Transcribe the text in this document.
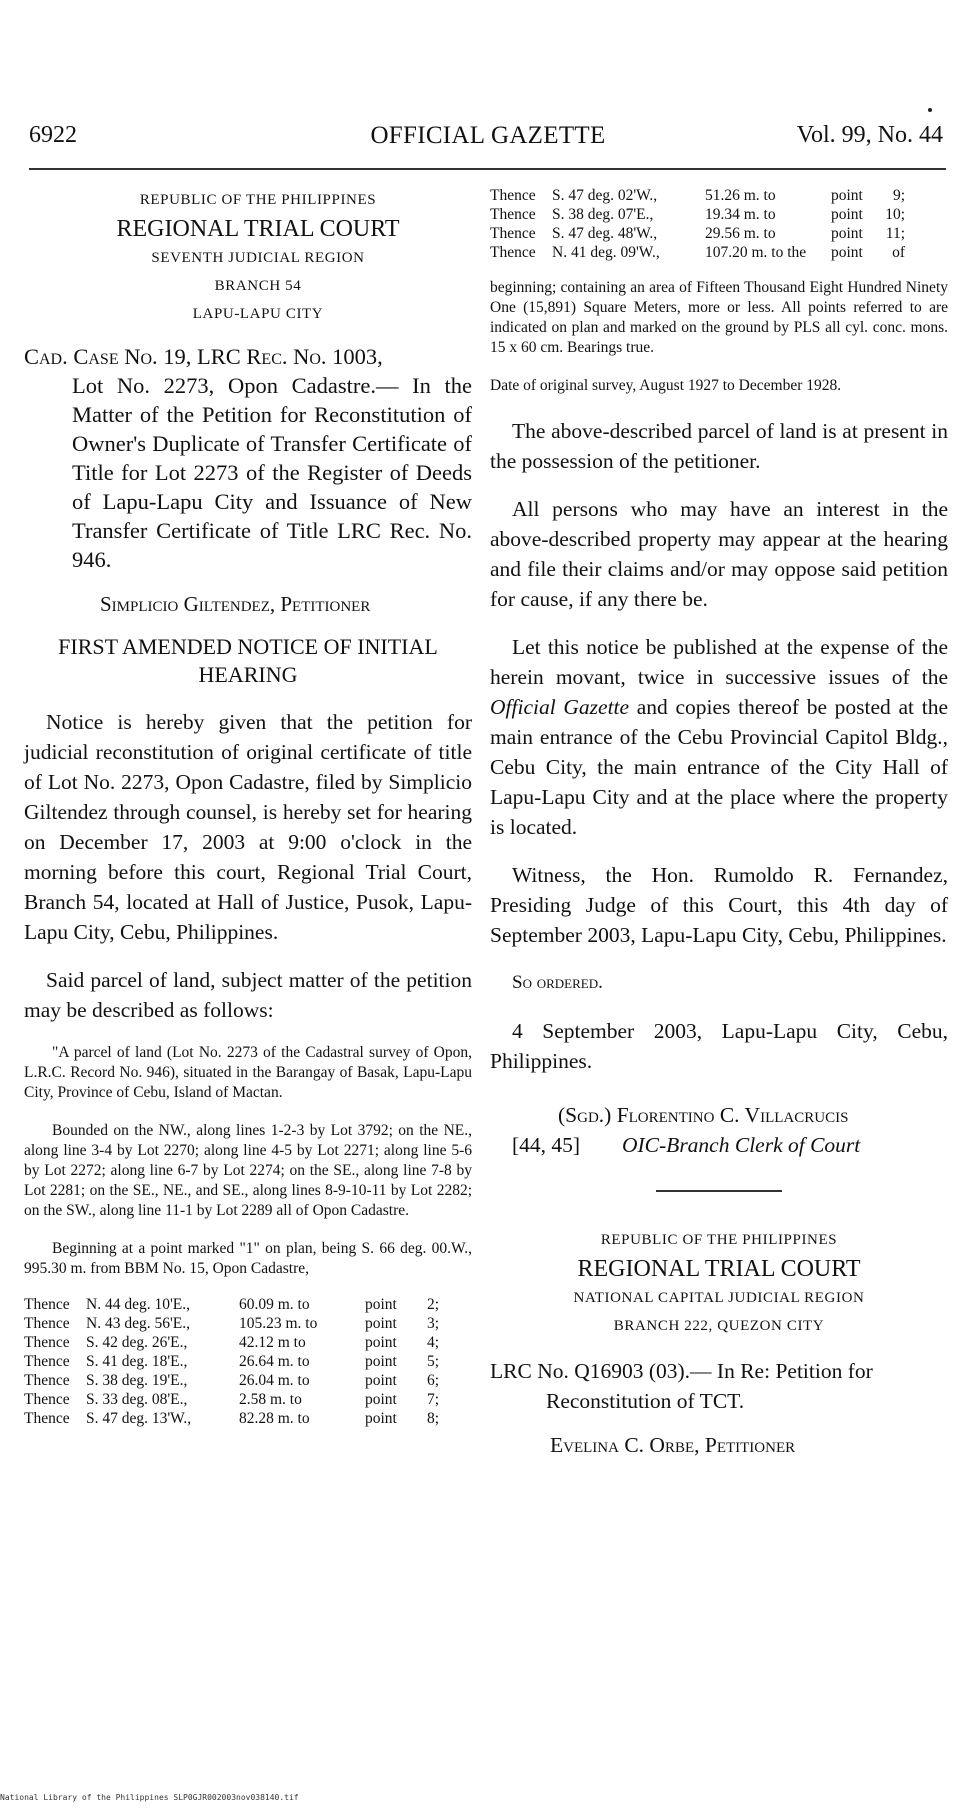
6922	OFFICIAL GAZETTE	Vol. 99, No. 44
REPUBLIC OF THE PHILIPPINES
REGIONAL TRIAL COURT
SEVENTH JUDICIAL REGION
BRANCH 54
LAPU-LAPU CITY
Cad. Case No. 19, LRC Rec. No. 1003,
Lot No. 2273, Opon Cadastre.— In the Matter of the Petition for Reconstitution of Owner's Duplicate of Transfer Certificate of Title for Lot 2273 of the Register of Deeds of Lapu-Lapu City and Issuance of New Transfer Certificate of Title LRC Rec. No. 946.
Simplicio Giltendez, Petitioner
FIRST AMENDED NOTICE OF INITIAL HEARING

Notice is hereby given that the petition for judicial reconstitution of original certificate of title of Lot No. 2273, Opon Cadastre, filed by Simplicio Giltendez through counsel, is hereby set for hearing on December 17, 2003 at 9:00 o'clock in the morning before this court, Regional Trial Court, Branch 54, located at Hall of Justice, Pusok, Lapu-Lapu City, Cebu, Philippines.

Said parcel of land, subject matter of the petition may be described as follows:

"A parcel of land (Lot No. 2273 of the Cadastral survey of Opon, L.R.C. Record No. 946), situated in the Barangay of Basak, Lapu-Lapu City, Province of Cebu, Island of Mactan.

Bounded on the NW., along lines 1-2-3 by Lot 3792; on the NE., along line 3-4 by Lot 2270; along line 4-5 by Lot 2271; along line 5-6 by Lot 2272; along line 6-7 by Lot 2274; on the SE., along line 7-8 by Lot 2281; on the SE., NE., and SE., along lines 8-9-10-11 by Lot 2282; on the SW., along line 11-1 by Lot 2289 all of Opon Cadastre.

Beginning at a point marked "1" on plan, being S. 66 deg. 00.W., 995.30 m. from BBM No. 15, Opon Cadastre,

Thence	N. 44 deg. 10'E.,	60.09 m. to	point	2;
Thence	N. 43 deg. 56'E.,	105.23 m. to	point	3;
Thence	S. 42 deg. 26'E.,	42.12 m to	point	4;
Thence	S. 41 deg. 18'E.,	26.64 m. to	point	5;
Thence	S. 38 deg. 19'E.,	26.04 m. to	point	6;
Thence	S. 33 deg. 08'E.,	2.58 m. to	point	7;
Thence	S. 47 deg. 13'W.,	82.28 m. to	point	8;
Thence	S. 47 deg. 02'W.,	51.26 m. to	point	9;
Thence	S. 38 deg. 07'E.,	19.34 m. to	point	10;
Thence	S. 47 deg. 48'W.,	29.56 m. to	point	11;
Thence	N. 41 deg. 09'W.,	107.20 m. to the	point	of

beginning; containing an area of Fifteen Thousand Eight Hundred Ninety One (15,891) Square Meters, more or less. All points referred to are indicated on plan and marked on the ground by PLS all cyl. conc. mons. 15 x 60 cm. Bearings true.

Date of original survey, August 1927 to December 1928.

The above-described parcel of land is at present in the possession of the petitioner.

All persons who may have an interest in the above-described property may appear at the hearing and file their claims and/or may oppose said petition for cause, if any there be.

Let this notice be published at the expense of the herein movant, twice in successive issues of the Official Gazette and copies thereof be posted at the main entrance of the Cebu Provincial Capitol Bldg., Cebu City, the main entrance of the City Hall of Lapu-Lapu City and at the place where the property is located.

Witness, the Hon. Rumoldo R. Fernandez, Presiding Judge of this Court, this 4th day of September 2003, Lapu-Lapu City, Cebu, Philippines.

So ordered.

4 September 2003, Lapu-Lapu City, Cebu, Philippines.

(Sgd.) Florentino C. Villacrucis
[44, 45]	OIC-Branch Clerk of Court
REPUBLIC OF THE PHILIPPINES
REGIONAL TRIAL COURT
NATIONAL CAPITAL JUDICIAL REGION
BRANCH 222, QUEZON CITY
LRC No. Q16903 (03).— In Re: Petition for Reconstitution of TCT.
Evelina C. Orbe, Petitioner
National Library of the Philippines SLP0GJR002003nov038140.tif
